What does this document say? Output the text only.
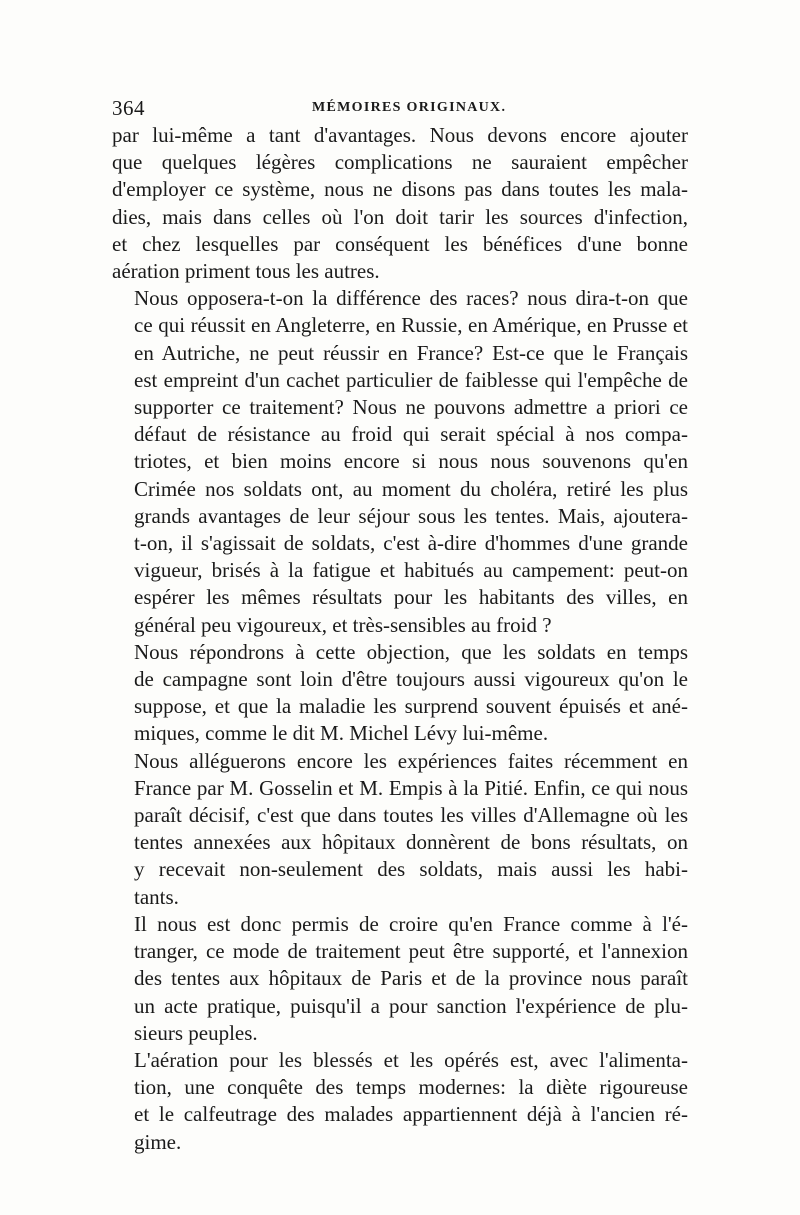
364	MÉMOIRES ORIGINAUX.

par lui-même a tant d'avantages. Nous devons encore ajouter
que quelques légères complications ne sauraient empêcher
d'employer ce système, nous ne disons pas dans toutes les mala-
dies, mais dans celles où l'on doit tarir les sources d'infection,
et chez lesquelles par conséquent les bénéfices d'une bonne
aération priment tous les autres.

Nous opposera-t-on la différence des races? nous dira-t-on que
ce qui réussit en Angleterre, en Russie, en Amérique, en Prusse et
en Autriche, ne peut réussir en France? Est-ce que le Français
est empreint d'un cachet particulier de faiblesse qui l'empêche de
supporter ce traitement? Nous ne pouvons admettre a priori ce
défaut de résistance au froid qui serait spécial à nos compa-
triotes, et bien moins encore si nous nous souvenons qu'en
Crimée nos soldats ont, au moment du choléra, retiré les plus
grands avantages de leur séjour sous les tentes. Mais, ajoutera-
t-on, il s'agissait de soldats, c'est à-dire d'hommes d'une grande
vigueur, brisés à la fatigue et habitués au campement: peut-on
espérer les mêmes résultats pour les habitants des villes, en
général peu vigoureux, et très-sensibles au froid ?

Nous répondrons à cette objection, que les soldats en temps
de campagne sont loin d'être toujours aussi vigoureux qu'on le
suppose, et que la maladie les surprend souvent épuisés et ané-
miques, comme le dit M. Michel Lévy lui-même.

Nous alléguerons encore les expériences faites récemment en
France par M. Gosselin et M. Empis à la Pitié. Enfin, ce qui nous
paraît décisif, c'est que dans toutes les villes d'Allemagne où les
tentes annexées aux hôpitaux donnèrent de bons résultats, on
y recevait non-seulement des soldats, mais aussi les habi-
tants.

Il nous est donc permis de croire qu'en France comme à l'é-
tranger, ce mode de traitement peut être supporté, et l'annexion
des tentes aux hôpitaux de Paris et de la province nous paraît
un acte pratique, puisqu'il a pour sanction l'expérience de plu-
sieurs peuples.

L'aération pour les blessés et les opérés est, avec l'alimenta-
tion, une conquête des temps modernes: la diète rigoureuse
et le calfeutrage des malades appartiennent déjà à l'ancien ré-
gime.
